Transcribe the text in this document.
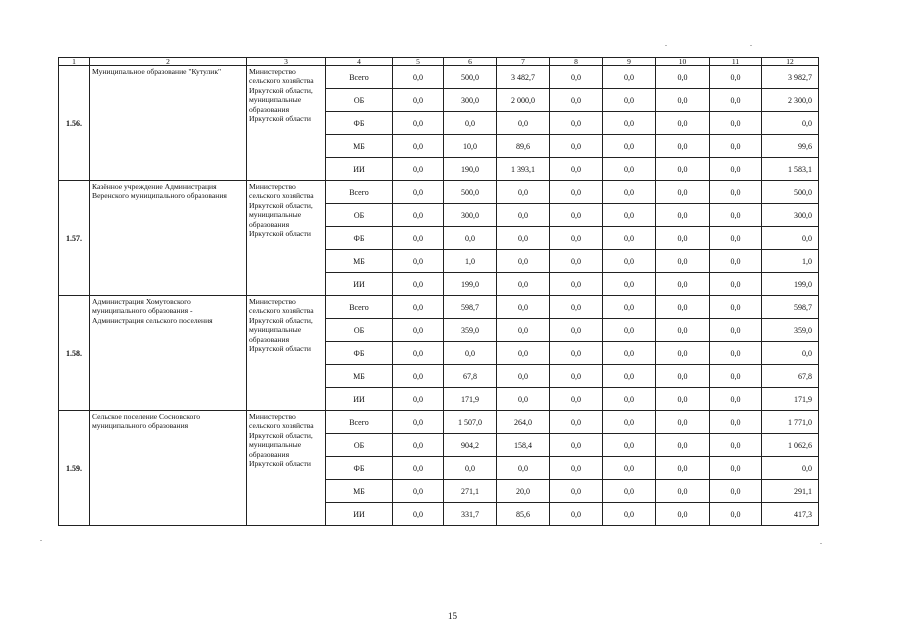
1	2	3	4	5	6	7	8	9	10	11	12
1.56.	Муниципальное образование "Кутулик"	Министерство сельского хозяйства Иркутской области, муниципальные образования Иркутской области	Всего	0,0	500,0	3 482,7	0,0	0,0	0,0	0,0	3 982,7
			ОБ	0,0	300,0	2 000,0	0,0	0,0	0,0	0,0	2 300,0
			ФБ	0,0	0,0	0,0	0,0	0,0	0,0	0,0	0,0
			МБ	0,0	10,0	89,6	0,0	0,0	0,0	0,0	99,6
			ИИ	0,0	190,0	1 393,1	0,0	0,0	0,0	0,0	1 583,1
1.57.	Казённое учреждение Администрация Веренского муниципального образования	Министерство сельского хозяйства Иркутской области, муниципальные образования Иркутской области	Всего	0,0	500,0	0,0	0,0	0,0	0,0	0,0	500,0
			ОБ	0,0	300,0	0,0	0,0	0,0	0,0	0,0	300,0
			ФБ	0,0	0,0	0,0	0,0	0,0	0,0	0,0	0,0
			МБ	0,0	1,0	0,0	0,0	0,0	0,0	0,0	1,0
			ИИ	0,0	199,0	0,0	0,0	0,0	0,0	0,0	199,0
1.58.	Администрация Хомутовского муниципального образования - Администрация сельского поселения	Министерство сельского хозяйства Иркутской области, муниципальные образования Иркутской области	Всего	0,0	598,7	0,0	0,0	0,0	0,0	0,0	598,7
			ОБ	0,0	359,0	0,0	0,0	0,0	0,0	0,0	359,0
			ФБ	0,0	0,0	0,0	0,0	0,0	0,0	0,0	0,0
			МБ	0,0	67,8	0,0	0,0	0,0	0,0	0,0	67,8
			ИИ	0,0	171,9	0,0	0,0	0,0	0,0	0,0	171,9
1.59.	Сельское поселение Сосновского муниципального образования	Министерство сельского хозяйства Иркутской области, муниципальные образования Иркутской области	Всего	0,0	1 507,0	264,0	0,0	0,0	0,0	0,0	1 771,0
			ОБ	0,0	904,2	158,4	0,0	0,0	0,0	0,0	1 062,6
			ФБ	0,0	0,0	0,0	0,0	0,0	0,0	0,0	0,0
			МБ	0,0	271,1	20,0	0,0	0,0	0,0	0,0	291,1
			ИИ	0,0	331,7	85,6	0,0	0,0	0,0	0,0	417,3
15
